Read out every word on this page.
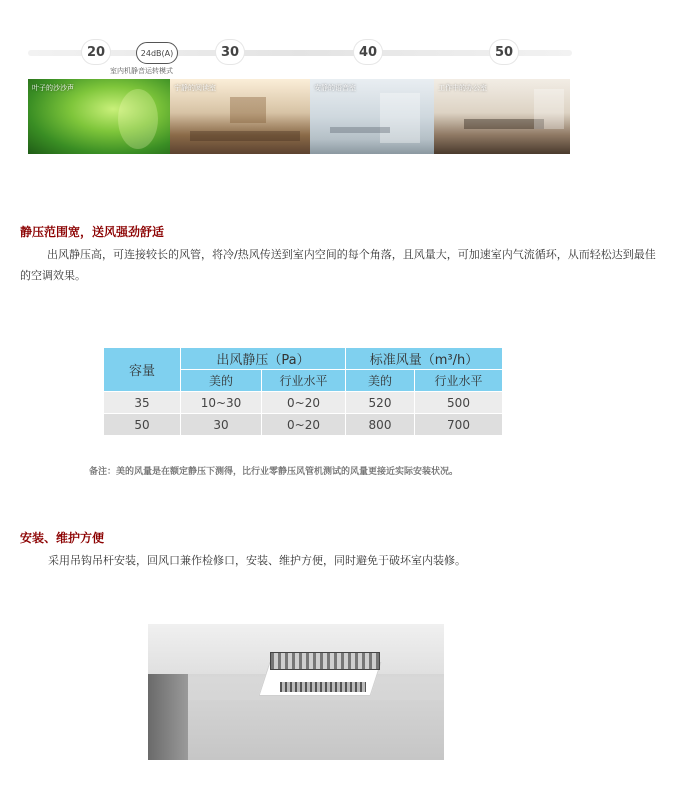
20	24dB(A)	30	40	50
室内机静音运转模式
叶子的沙沙声	宁静的阅读室	安静的语音室	工作中的办公室
静压范围宽，送风强劲舒适
出风静压高，可连接较长的风管，将冷/热风传送到室内空间的每个角落，且风量大，可加速室内气流循环，从而轻松达到最佳的空调效果。
容量	出风静压（Pa）		标准风量（m³/h）	
	美的	行业水平	美的	行业水平
35	10~30	0~20	520	500
50	30	0~20	800	700
备注：美的风量是在额定静压下测得，比行业零静压风管机测试的风量更接近实际安装状况。
安装、维护方便
采用吊钩吊杆安装，回风口兼作检修口，安装、维护方便，同时避免于破坏室内装修。
